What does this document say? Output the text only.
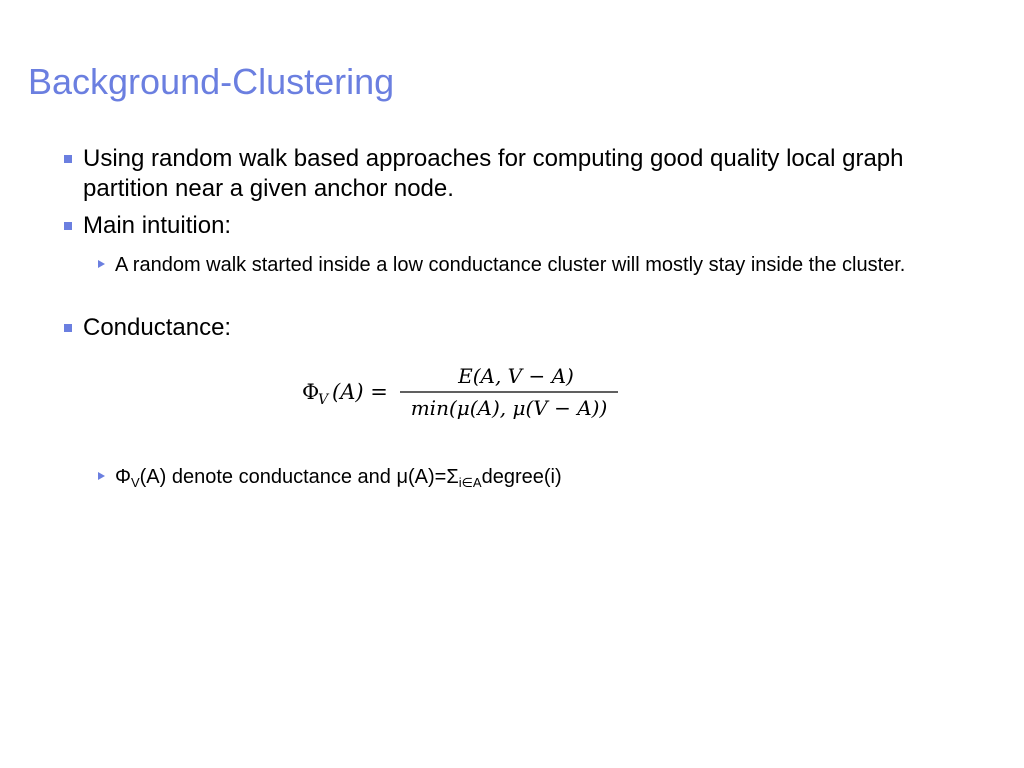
Background-Clustering
Using random walk based approaches for computing good quality local graph partition near a given anchor node.
Main intuition:
A random walk started inside a low conductance cluster will mostly stay inside the cluster.
Conductance:
Φ
V (A) =
E(A, V − A)
min(μ(A), μ(V − A))
$\Phi_V(A)$ denote conductance and $\mu(A)=\Sigma_{i\in A}degree(i)$
